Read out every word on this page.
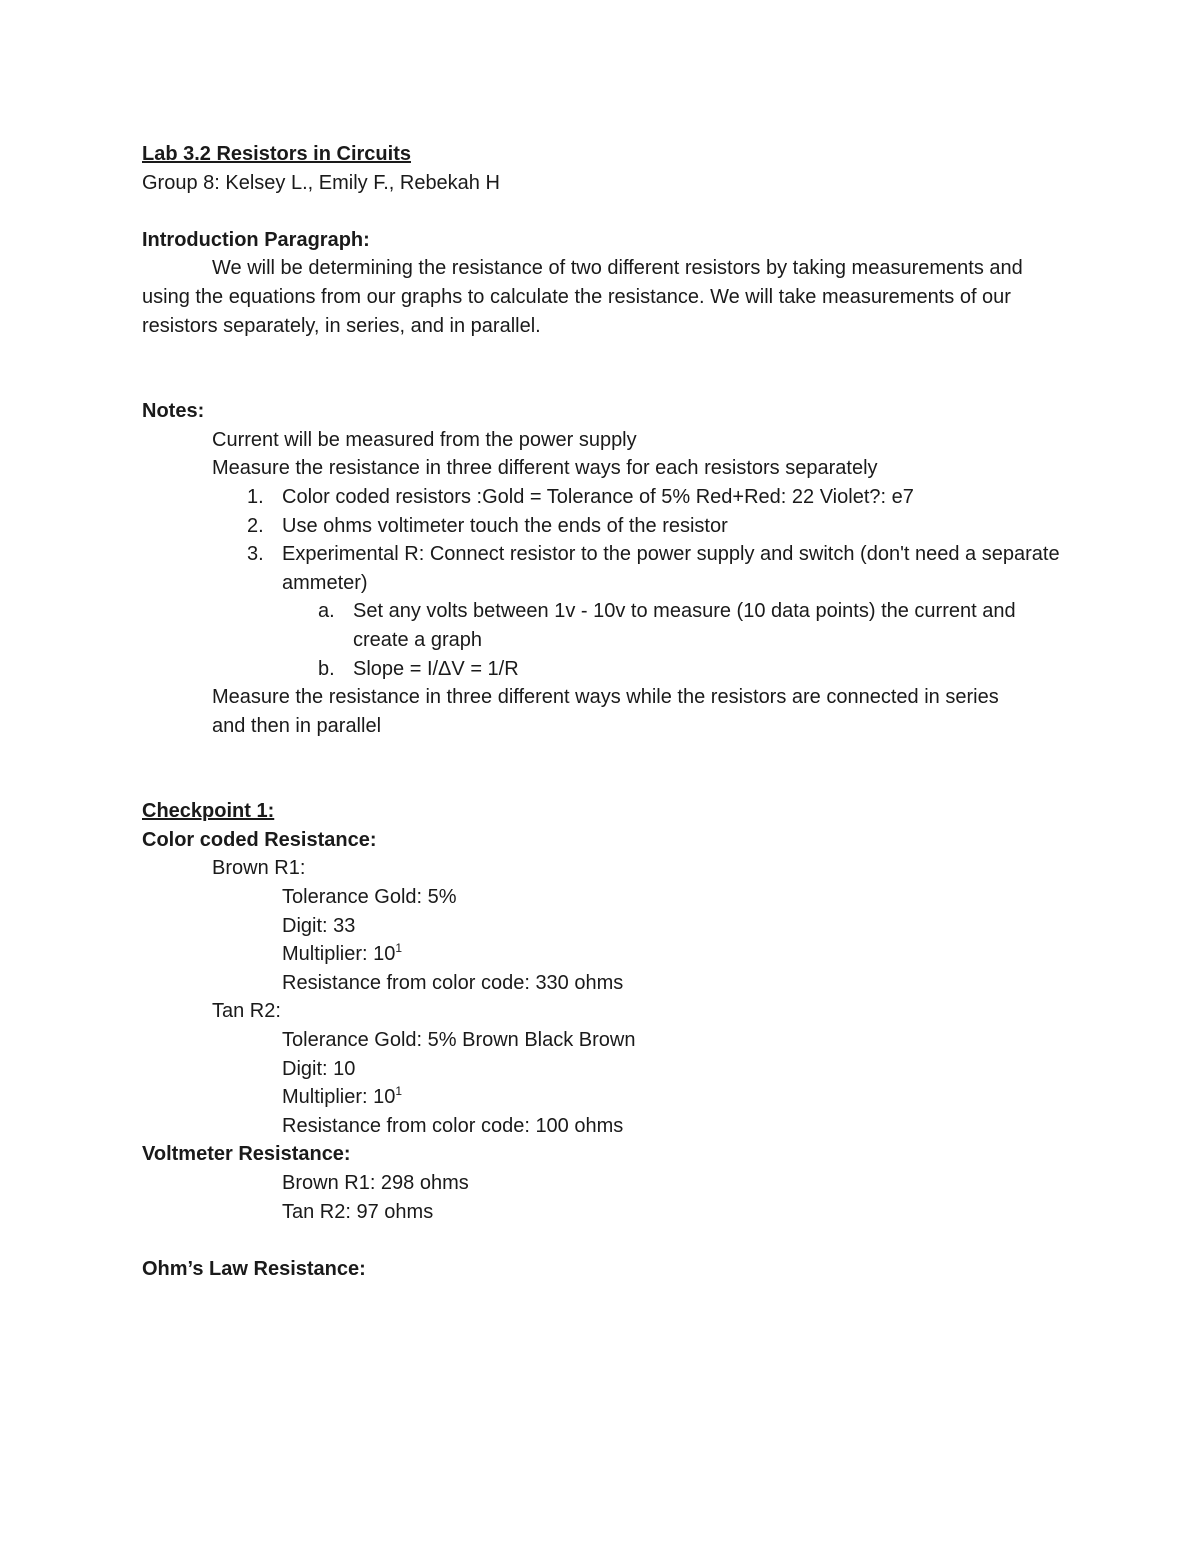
Lab 3.2 Resistors in Circuits
Group 8: Kelsey L., Emily F., Rebekah H
Introduction Paragraph:
We will be determining the resistance of two different resistors by taking measurements and using the equations from our graphs to calculate the resistance. We will take measurements of our resistors separately, in series, and in parallel.
Notes:
Current will be measured from the power supply
Measure the resistance in three different ways for each resistors separately
1. Color coded resistors :Gold = Tolerance of 5% Red+Red: 22 Violet?: e7
2. Use ohms voltimeter touch the ends of the resistor
3. Experimental R: Connect resistor to the power supply and switch (don't need a separate ammeter)
a. Set any volts between 1v - 10v to measure (10 data points) the current and create a graph
b. Slope = I/ΔV = 1/R
Measure the resistance in three different ways while the resistors are connected in series and then in parallel
Checkpoint 1:
Color coded Resistance:
Brown R1:
Tolerance Gold: 5%
Digit: 33
Multiplier: $10^1$
Resistance from color code: 330 ohms
Tan R2:
Tolerance Gold: 5% Brown Black Brown
Digit: 10
Multiplier: $10^1$
Resistance from color code: 100 ohms
Voltmeter Resistance:
Brown R1: 298 ohms
Tan R2: 97 ohms
Ohm’s Law Resistance:
